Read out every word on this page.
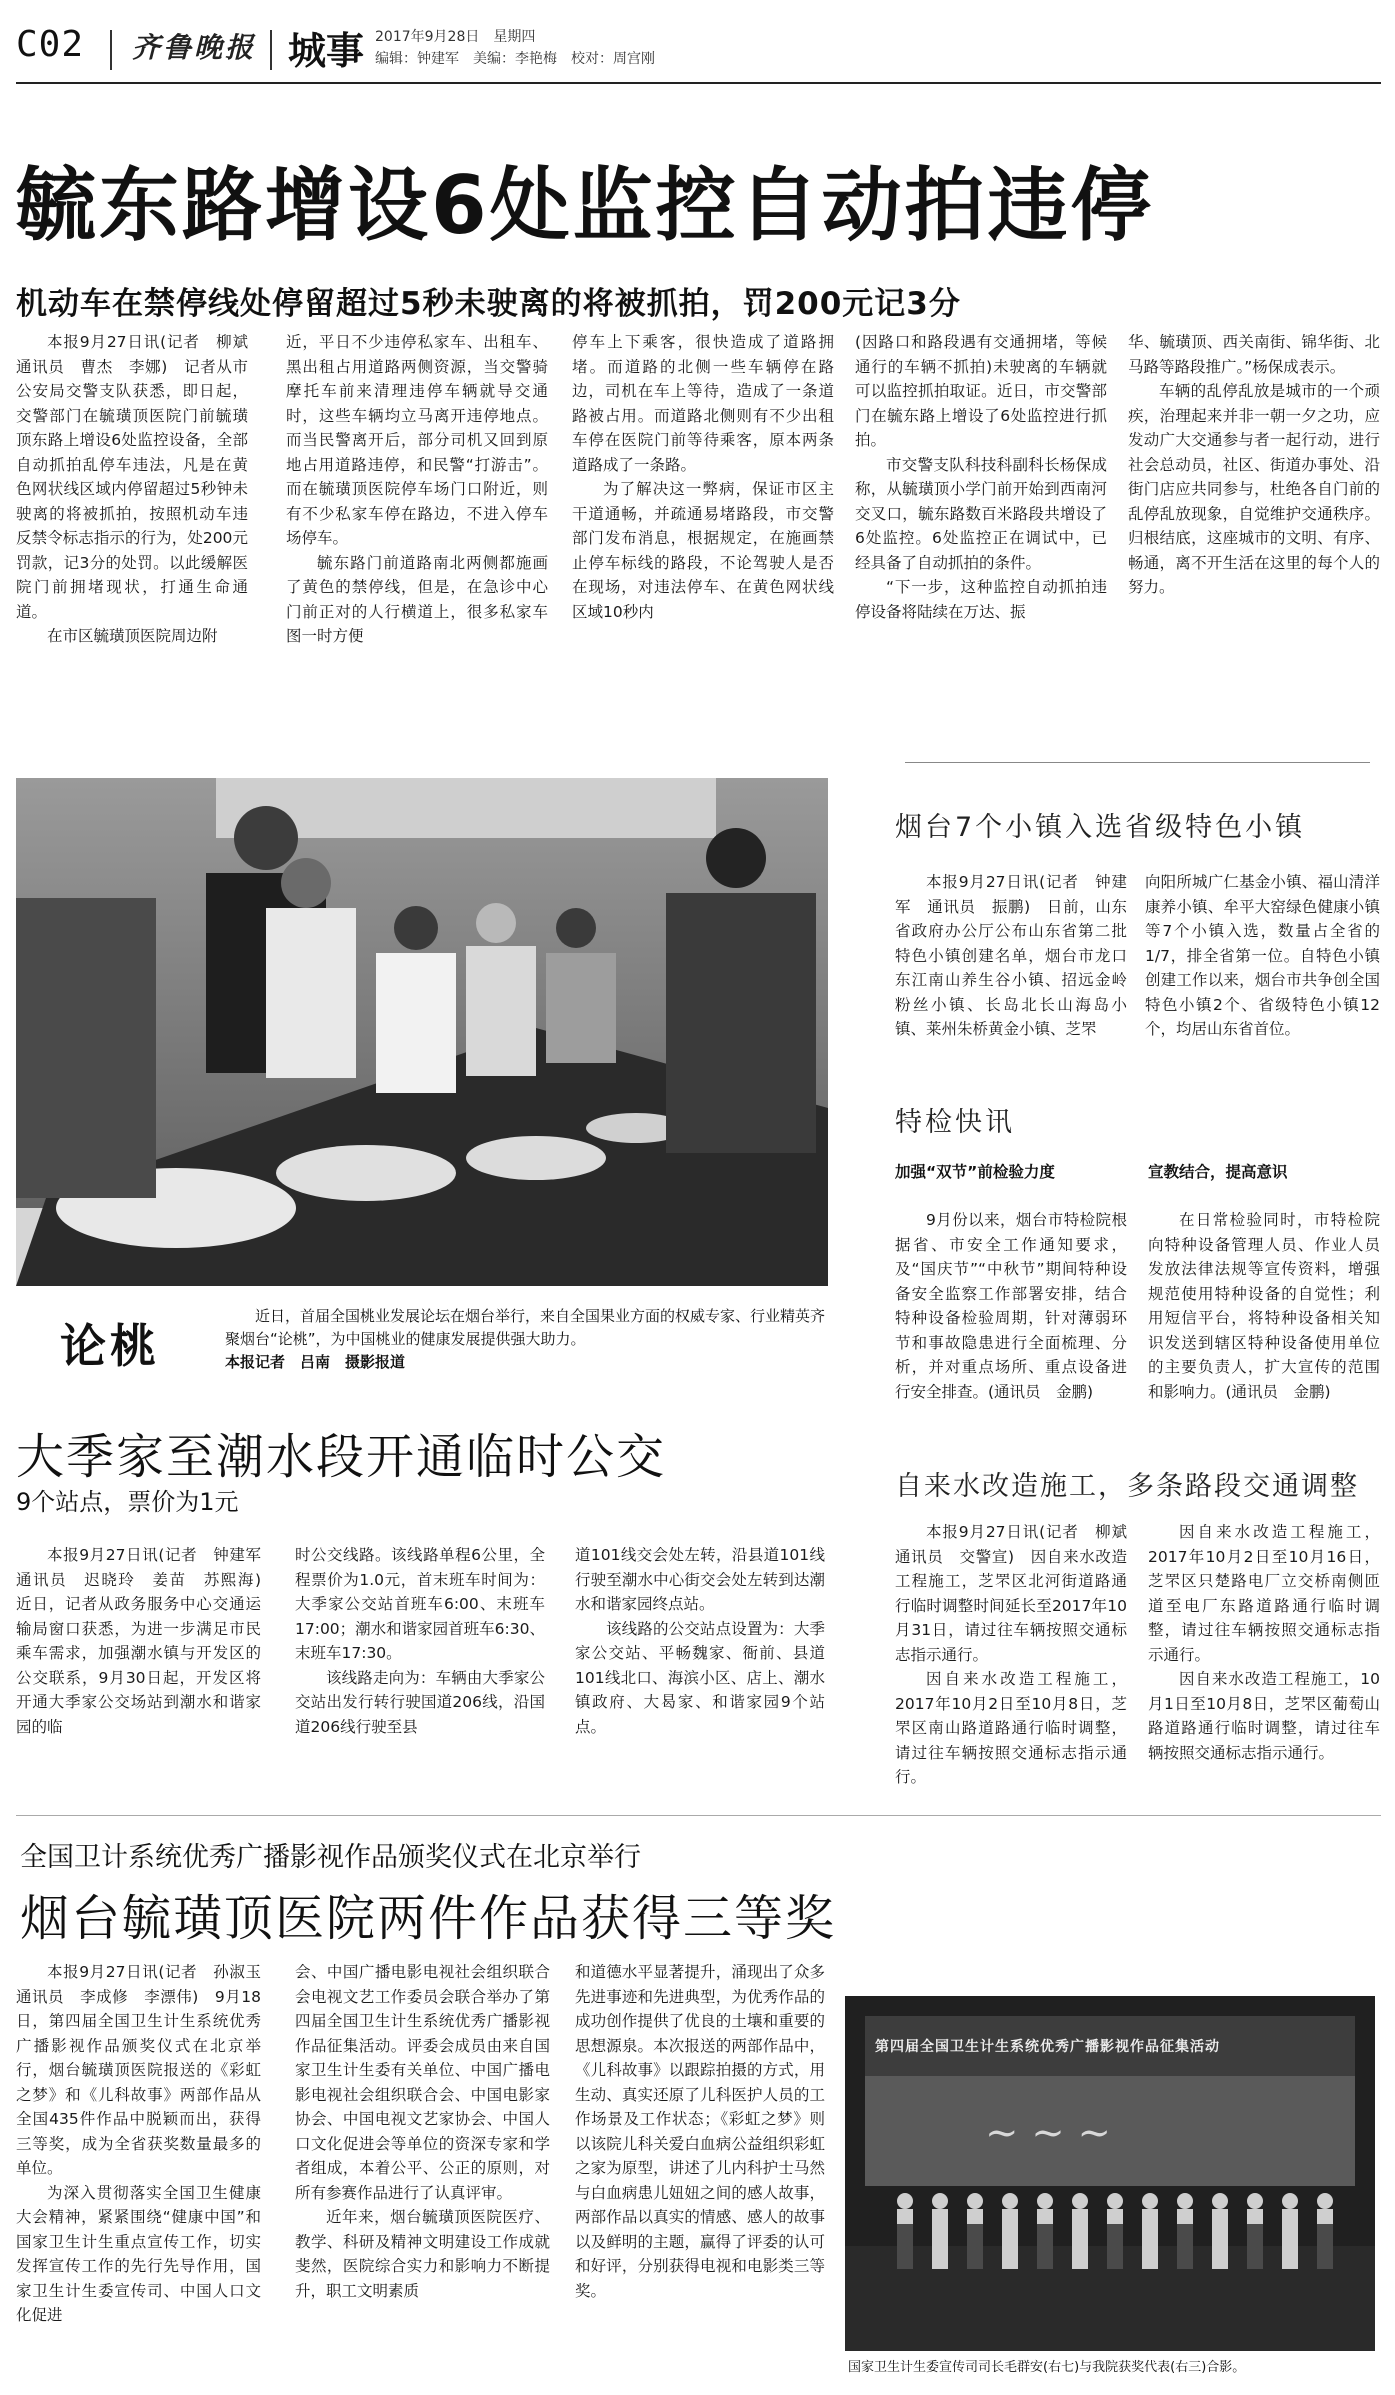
C02 齐鲁晚报 城事 2017年9月28日　星期四
编辑：钟建军　美编：李艳梅　校对：周宫刚
毓东路增设6处监控自动拍违停
机动车在禁停线处停留超过5秒未驶离的将被抓拍，罚200元记3分

本报9月27日讯(记者　柳斌　通讯员　曹杰　李娜)　记者从市公安局交警支队获悉，即日起，交警部门在毓璜顶医院门前毓璜顶东路上增设6处监控设备，全部自动抓拍乱停车违法，凡是在黄色网状线区域内停留超过5秒钟未驶离的将被抓拍，按照机动车违反禁令标志指示的行为，处200元罚款，记3分的处罚。以此缓解医院门前拥堵现状，打通生命通道。

在市区毓璜顶医院周边附

近，平日不少违停私家车、出租车、黑出租占用道路两侧资源，当交警骑摩托车前来清理违停车辆就导交通时，这些车辆均立马离开违停地点。而当民警离开后，部分司机又回到原地占用道路违停，和民警“打游击”。而在毓璜顶医院停车场门口附近，则有不少私家车停在路边，不进入停车场停车。

毓东路门前道路南北两侧都施画了黄色的禁停线，但是，在急诊中心门前正对的人行横道上，很多私家车图一时方便

停车上下乘客，很快造成了道路拥堵。而道路的北侧一些车辆停在路边，司机在车上等待，造成了一条道路被占用。而道路北侧则有不少出租车停在医院门前等待乘客，原本两条道路成了一条路。

为了解决这一弊病，保证市区主干道通畅，并疏通易堵路段，市交警部门发布消息，根据规定，在施画禁止停车标线的路段，不论驾驶人是否在现场，对违法停车、在黄色网状线区域10秒内

(因路口和路段遇有交通拥堵，等候通行的车辆不抓拍)未驶离的车辆就可以监控抓拍取证。近日，市交警部门在毓东路上增设了6处监控进行抓拍。

市交警支队科技科副科长杨保成称，从毓璜顶小学门前开始到西南河交叉口，毓东路数百米路段共增设了6处监控。6处监控正在调试中，已经具备了自动抓拍的条件。

“下一步，这种监控自动抓拍违停设备将陆续在万达、振

华、毓璜顶、西关南街、锦华街、北马路等路段推广。”杨保成表示。

车辆的乱停乱放是城市的一个顽疾，治理起来并非一朝一夕之功，应发动广大交通参与者一起行动，进行社会总动员，社区、街道办事处、沿街门店应共同参与，杜绝各自门前的乱停乱放现象，自觉维护交通秩序。归根结底，这座城市的文明、有序、畅通，离不开生活在这里的每个人的努力。

论桃
近日，首届全国桃业发展论坛在烟台举行，来自全国果业方面的权威专家、行业精英齐聚烟台“论桃”，为中国桃业的健康发展提供强大助力。
本报记者　吕南　摄影报道
烟台7个小镇入选省级特色小镇

本报9月27日讯(记者　钟建军　通讯员　振鹏)　日前，山东省政府办公厅公布山东省第二批特色小镇创建名单，烟台市龙口东江南山养生谷小镇、招远金岭粉丝小镇、长岛北长山海岛小镇、莱州朱桥黄金小镇、芝罘

向阳所城广仁基金小镇、福山清洋康养小镇、牟平大窑绿色健康小镇等7个小镇入选，数量占全省的1/7，排全省第一位。自特色小镇创建工作以来，烟台市共争创全国特色小镇2个、省级特色小镇12个，均居山东省首位。

特检快讯
加强“双节”前检验力度	宣教结合，提高意识

9月份以来，烟台市特检院根据省、市安全工作通知要求，及“国庆节”“中秋节”期间特种设备安全监察工作部署安排，结合特种设备检验周期，针对薄弱环节和事故隐患进行全面梳理、分析，并对重点场所、重点设备进行安全排查。(通讯员　金鹏)

在日常检验同时，市特检院向特种设备管理人员、作业人员发放法律法规等宣传资料，增强规范使用特种设备的自觉性；利用短信平台，将特种设备相关知识发送到辖区特种设备使用单位的主要负责人，扩大宣传的范围和影响力。(通讯员　金鹏)

大季家至潮水段开通临时公交
9个站点，票价为1元

本报9月27日讯(记者　钟建军　通讯员　迟晓玲　姜苗　苏熙海)　近日，记者从政务服务中心交通运输局窗口获悉，为进一步满足市民乘车需求，加强潮水镇与开发区的公交联系，9月30日起，开发区将开通大季家公交场站到潮水和谐家园的临

时公交线路。该线路单程6公里，全程票价为1.0元，首末班车时间为：大季家公交站首班车6:00、末班车17:00；潮水和谐家园首班车6:30、末班车17:30。

该线路走向为：车辆由大季家公交站出发行转行驶国道206线，沿国道206线行驶至县

道101线交会处左转，沿县道101线行驶至潮水中心街交会处左转到达潮水和谐家园终点站。

该线路的公交站点设置为：大季家公交站、平畅魏家、衙前、县道101线北口、海滨小区、店上、潮水镇政府、大曷家、和谐家园9个站点。

自来水改造施工，多条路段交通调整

本报9月27日讯(记者　柳斌　通讯员　交警宣)　因自来水改造工程施工，芝罘区北河街道路通行临时调整时间延长至2017年10月31日，请过往车辆按照交通标志指示通行。

因自来水改造工程施工，2017年10月2日至10月8日，芝罘区南山路道路通行临时调整，请过往车辆按照交通标志指示通行。

因自来水改造工程施工，2017年10月2日至10月16日，芝罘区只楚路电厂立交桥南侧匝道至电厂东路道路通行临时调整，请过往车辆按照交通标志指示通行。

因自来水改造工程施工，10月1日至10月8日，芝罘区葡萄山路道路通行临时调整，请过往车辆按照交通标志指示通行。

全国卫计系统优秀广播影视作品颁奖仪式在北京举行
烟台毓璜顶医院两件作品获得三等奖

本报9月27日讯(记者　孙淑玉　通讯员　李成修　李漂伟)　9月18日，第四届全国卫生计生系统优秀广播影视作品颁奖仪式在北京举行，烟台毓璜顶医院报送的《彩虹之梦》和《儿科故事》两部作品从全国435件作品中脱颖而出，获得三等奖，成为全省获奖数量最多的单位。

为深入贯彻落实全国卫生健康大会精神，紧紧围绕“健康中国”和国家卫生计生重点宣传工作，切实发挥宣传工作的先行先导作用，国家卫生计生委宣传司、中国人口文化促进

会、中国广播电影电视社会组织联合会电视文艺工作委员会联合举办了第四届全国卫生计生系统优秀广播影视作品征集活动。评委会成员由来自国家卫生计生委有关单位、中国广播电影电视社会组织联合会、中国电影家协会、中国电视文艺家协会、中国人口文化促进会等单位的资深专家和学者组成，本着公平、公正的原则，对所有参赛作品进行了认真评审。

近年来，烟台毓璜顶医院医疗、教学、科研及精神文明建设工作成就斐然，医院综合实力和影响力不断提升，职工文明素质

和道德水平显著提升，涌现出了众多先进事迹和先进典型，为优秀作品的成功创作提供了优良的土壤和重要的思想源泉。本次报送的两部作品中，《儿科故事》以跟踪拍摄的方式，用生动、真实还原了儿科医护人员的工作场景及工作状态；《彩虹之梦》则以该院儿科关爱白血病公益组织彩虹之家为原型，讲述了儿内科护士马然与白血病患儿妞妞之间的感人故事，两部作品以真实的情感、感人的故事以及鲜明的主题，赢得了评委的认可和好评，分别获得电视和电影类三等奖。

~ ~ ~
第四届全国卫生计生系统优秀广播影视作品征集活动
国家卫生计生委宣传司司长毛群安(右七)与我院获奖代表(右三)合影。
